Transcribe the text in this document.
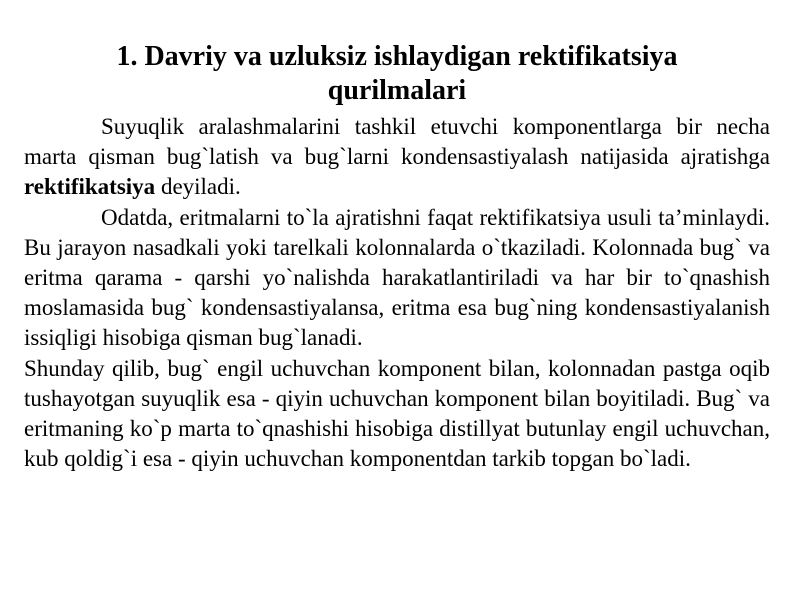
1. Davriy va uzluksiz ishlaydigan rektifikatsiya
qurilmalari

Suyuqlik aralashmalarini tashkil etuvchi komponentlarga bir necha marta qisman bug`latish va bug`larni kondensastiyalash natijasida ajratishga rektifikatsiya deyiladi.

Odatda, eritmalarni to`la ajratishni faqat rektifikatsiya usuli ta’minlaydi. Bu jarayon nasadkali yoki tarelkali kolonnalarda o`tkaziladi. Kolonnada bug` va eritma qarama - qarshi yo`nalishda harakatlantiriladi va har bir to`qnashish moslamasida bug` kondensastiyalansa, eritma esa bug`ning kondensastiyalanish issiqligi hisobiga qisman bug`lanadi.

Shunday qilib, bug` engil uchuvchan komponent bilan, kolonnadan pastga oqib tushayotgan suyuqlik esa - qiyin uchuvchan komponent bilan boyitiladi. Bug` va eritmaning ko`p marta to`qnashishi hisobiga distillyat butunlay engil uchuvchan, kub qoldig`i esa - qiyin uchuvchan komponentdan tarkib topgan bo`ladi.
